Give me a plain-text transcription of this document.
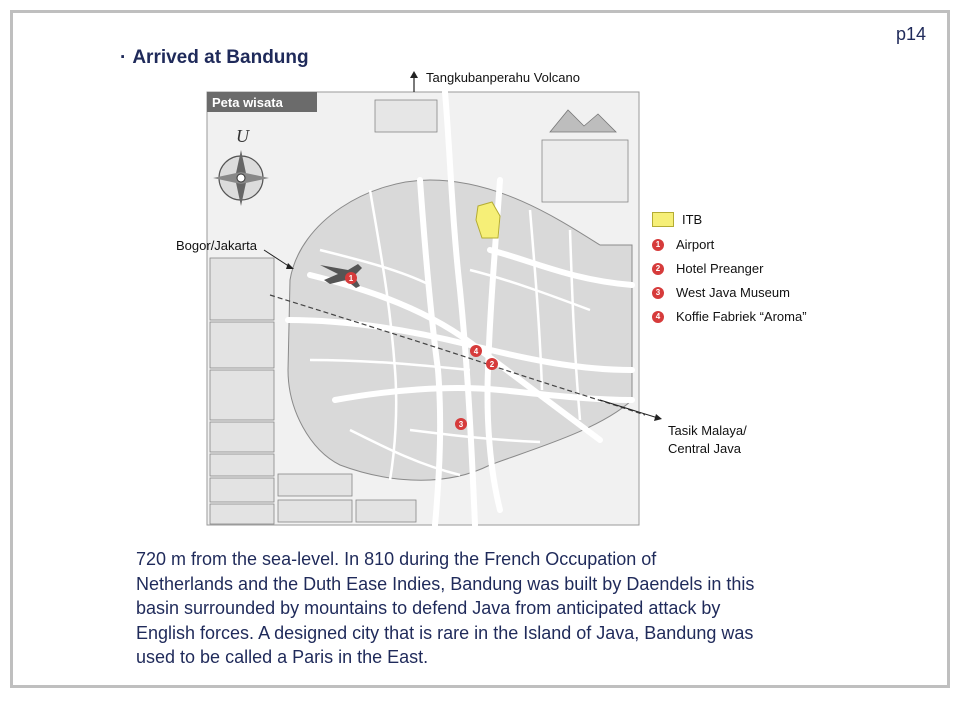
p14
· Arrived at Bandung
Peta wisata
U
1
2
3
4
Tangkubanperahu Volcano
Bogor/Jakarta
Tasik Malaya/
Central Java
ITB
1 Airport
2 Hotel Preanger
3 West Java Museum
4 Koffie Fabriek “Aroma”
720 m from the sea-level. In 810 during the French Occupation of
Netherlands and the Duth Ease Indies, Bandung was built by Daendels in this
basin surrounded by mountains to defend Java from anticipated attack by
English forces. A designed city that is rare in the Island of Java, Bandung was
used to be called a Paris in the East.
